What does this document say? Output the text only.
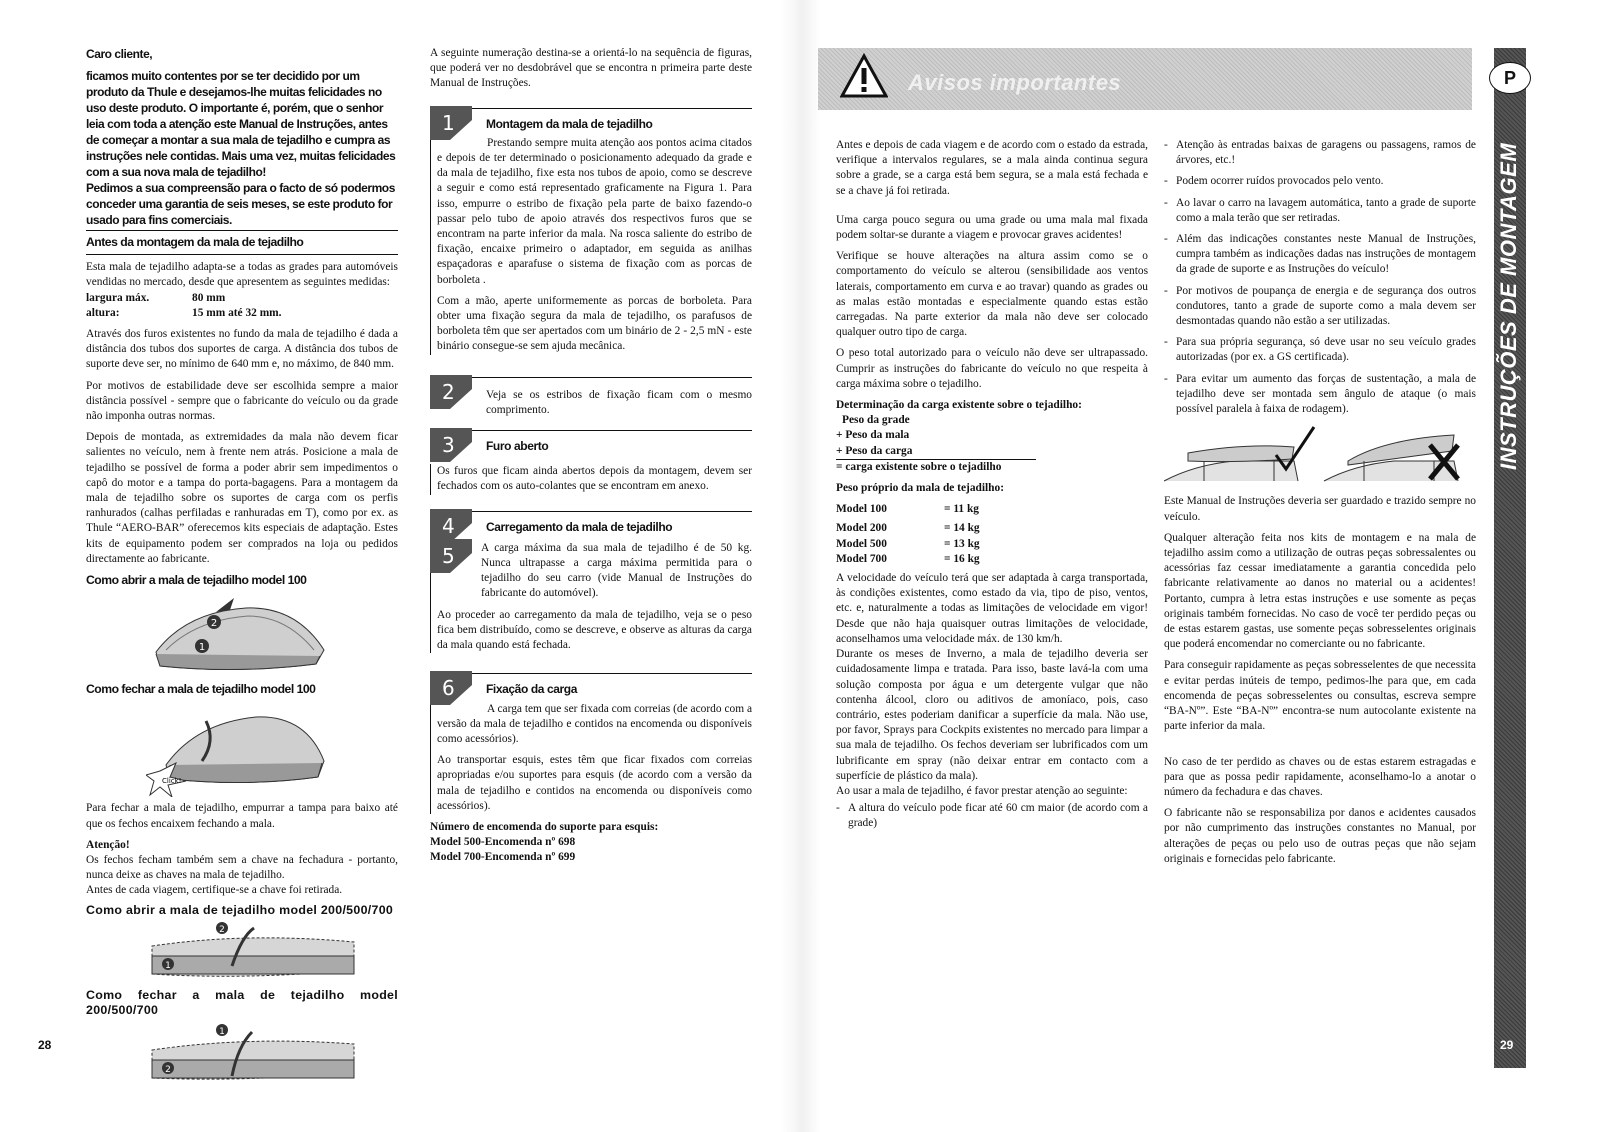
Caro cliente,
ficamos muito contentes por se ter decidido por um produto da Thule e desejamos-lhe muitas felicidades no uso deste produto. O importante é, porém, que o senhor leia com toda a atenção este Manual de Instruções, antes de começar a montar a sua mala de tejadilho e cumpra as instruções nele contidas. Mais uma vez, muitas felicidades com a sua nova mala de tejadilho!
Pedimos a sua compreensão para o facto de só podermos conceder uma garantia de seis meses, se este produto for usado para fins comerciais.
Antes da montagem da mala de tejadilho

Esta mala de tejadilho adapta-se a todas as grades para automóveis vendidas no mercado, desde que apresentem as seguintes medidas:

largura máx.	80 mm
altura:	15 mm até 32 mm.

Através dos furos existentes no fundo da mala de tejadilho é dada a distância dos tubos dos suportes de carga. A distância dos tubos de suporte deve ser, no mínimo de 640 mm e, no máximo, de 840 mm.

Por motivos de estabilidade deve ser escolhida sempre a maior distância possível - sempre que o fabricante do veículo ou da grade não imponha outras normas.

Depois de montada, as extremidades da mala não devem ficar salientes no veículo, nem à frente nem atrás. Posicione a mala de tejadilho se possível de forma a poder abrir sem impedimentos o capô do motor e a tampa do porta-bagagens. Para a montagem da mala de tejadilho sobre os suportes de carga com os perfis ranhurados (calhas perfiladas e ranhuradas em T), como por ex. as Thule “AERO-BAR” oferecemos kits especiais de adaptação. Estes kits de equipamento podem ser comprados na loja ou pedidos directamente ao fabricante.

Como abrir a mala de tejadilho model 100
2
1
Como fechar a mala de tejadilho model 100
Click!

Para fechar a mala de tejadilho, empurrar a tampa para baixo até que os fechos encaixem fechando a mala.

Atenção!
Os fechos fecham também sem a chave na fechadura - portanto, nunca deixe as chaves na mala de tejadilho.
Antes de cada viagem, certifique-se a chave foi retirada.
Como abrir a mala de tejadilho model 200/500/700
2
1
Como fechar a mala de tejadilho model 200/500/700
1
2
28

A seguinte numeração destina-se a orientá-lo na sequência de figuras, que poderá ver no desdobrável que se encontra n primeira parte deste Manual de Instruções.

1	Montagem da mala de tejadilho

Prestando sempre muita atenção aos pontos acima citados e depois de ter determinado o posicionamento adequado da grade e da mala de tejadilho, fixe esta nos tubos de apoio, como se descreve a seguir e como está representado graficamente na Figura 1. Para isso, empurre o estribo de fixação pela parte de baixo fazendo-o passar pelo tubo de apoio através dos respectivos furos que se encontram na parte inferior da mala. Na rosca saliente do estribo de fixação, encaixe primeiro o adaptador, em seguida as anilhas espaçadoras e aparafuse o sistema de fixação com as porcas de borboleta .

Com a mão, aperte uniformemente as porcas de borboleta. Para obter uma fixação segura da mala de tejadilho, os parafusos de borboleta têm que ser apertados com um binário de 2 - 2,5 mN - este binário consegue-se sem ajuda mecânica.

2	Veja se os estribos de fixação ficam com o mesmo comprimento.
3	Furo aberto

Os furos que ficam ainda abertos depois da montagem, devem ser fechados com os auto-colantes que se encontram em anexo.

4	Carregamento da mala de tejadilho
5	A carga máxima da sua mala de tejadilho é de 50 kg. Nunca ultrapasse a carga máxima permitida para o tejadilho do seu carro (vide Manual de Instruções do fabricante do automóvel).

Ao proceder ao carregamento da mala de tejadilho, veja se o peso fica bem distribuído, como se descreve, e observe as alturas da carga da mala quando está fechada.

6	Fixação da carga

A carga tem que ser fixada com correias (de acordo com a versão da mala de tejadilho e contidos na encomenda ou disponíveis como acessórios).

Ao transportar esquis, estes têm que ficar fixados com correias apropriadas e/ou suportes para esquis (de acordo com a versão da mala de tejadilho e contidos na encomenda ou disponíveis como acessórios).

Número de encomenda do suporte para esquis:
Model 500-Encomenda nº 698
Model 700-Encomenda nº 699
Avisos importantes
INSTRUÇÕES DE MONTAGEM
P
29

Antes e depois de cada viagem e de acordo com o estado da estrada, verifique a intervalos regulares, se a mala ainda continua segura sobre a grade, se a carga está bem segura, se a mala está fechada e se a chave já foi retirada.

Uma carga pouco segura ou uma grade ou uma mala mal fixada podem soltar-se durante a viagem e provocar graves acidentes!

Verifique se houve alterações na altura assim como se o comportamento do veículo se alterou (sensibilidade aos ventos laterais, comportamento em curva e ao travar) quando as grades ou as malas estão montadas e especialmente quando estas estão carregadas. Na parte exterior da mala não deve ser colocado qualquer outro tipo de carga.

O peso total autorizado para o veículo não deve ser ultrapassado. Cumprir as instruções do fabricante do veículo no que respeita à carga máxima sobre o tejadilho.

Determinação da carga existente sobre o tejadilho:
Peso da grade
+ Peso da mala
+ Peso da carga
= carga existente sobre o tejadilho
Peso próprio da mala de tejadilho:
Model 100	= 11 kg
Model 200	= 14 kg
Model 500	= 13 kg
Model 700	= 16 kg

A velocidade do veículo terá que ser adaptada à carga transportada, às condições existentes, como estado da via, tipo de piso, ventos, etc. e, naturalmente a todas as limitações de velocidade em vigor! Desde que não haja quaisquer outras limitações de velocidade, aconselhamos uma velocidade máx. de 130 km/h.

Durante os meses de Inverno, a mala de tejadilho deveria ser cuidadosamente limpa e tratada. Para isso, baste lavá-la com uma solução composta por água e um detergente vulgar que não contenha álcool, cloro ou aditivos de amoníaco, pois, caso contrário, estes poderiam danificar a superfície da mala. Não use, por favor, Sprays para Cockpits existentes no mercado para limpar a sua mala de tejadilho. Os fechos deveriam ser lubrificados com um lubrificante em spray (não deixar entrar em contacto com a superfície de plástico da mala).

Ao usar a mala de tejadilho, é favor prestar atenção ao seguinte:

- A altura do veículo pode ficar até 60 cm maior (de acordo com a grade)
- Atenção às entradas baixas de garagens ou passagens, ramos de árvores, etc.!
- Podem ocorrer ruídos provocados pelo vento.
- Ao lavar o carro na lavagem automática, tanto a grade de suporte como a mala terão que ser retiradas.
- Além das indicações constantes neste Manual de Instruções, cumpra também as indicações dadas nas instruções de montagem da grade de suporte e as Instruções do veículo!
- Por motivos de poupança de energia e de segurança dos outros condutores, tanto a grade de suporte como a mala devem ser desmontadas quando não estão a ser utilizadas.
- Para sua própria segurança, só deve usar no seu veículo grades autorizadas (por ex. a GS certificada).
- Para evitar um aumento das forças de sustentação, a mala de tejadilho deve ser montada sem ângulo de ataque (o mais possível paralela à faixa de rodagem).

Este Manual de Instruções deveria ser guardado e trazido sempre no veículo.

Qualquer alteração feita nos kits de montagem e na mala de tejadilho assim como a utilização de outras peças sobressalentes ou acessórias faz cessar imediatamente a garantia concedida pelo fabricante relativamente ao danos no material ou a acidentes! Portanto, cumpra à letra estas instruções e use somente as peças originais também fornecidas. No caso de você ter perdido peças ou de estas estarem gastas, use somente peças sobresselentes originais que poderá encomendar no comerciante ou no fabricante.

Para conseguir rapidamente as peças sobresselentes de que necessita e evitar perdas inúteis de tempo, pedimos-lhe para que, em cada encomenda de peças sobresselentes ou consultas, escreva sempre “BA-Nº”. Este “BA-Nº” encontra-se num autocolante existente na parte inferior da mala.

No caso de ter perdido as chaves ou de estas estarem estragadas e para que as possa pedir rapidamente, aconselhamo-lo a anotar o número da fechadura e das chaves.

O fabricante não se responsabiliza por danos e acidentes causados por não cumprimento das instruções constantes no Manual, por alterações de peças ou pelo uso de outras peças que não sejam originais e fornecidas pelo fabricante.
